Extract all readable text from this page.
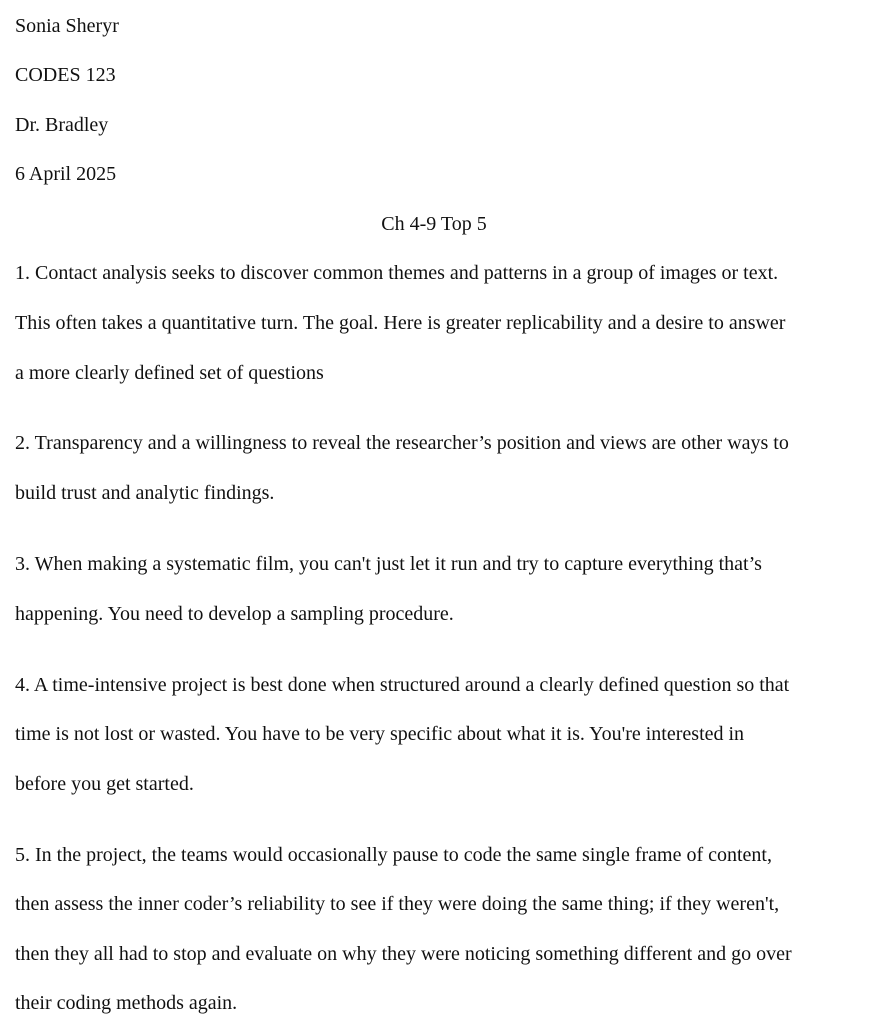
Sonia Sheryr
CODES 123
Dr. Bradley
6 April 2025
Ch 4-9 Top 5
1. Contact analysis seeks to discover common themes and patterns in a group of images or text.
This often takes a quantitative turn. The goal. Here is greater replicability and a desire to answer
a more clearly defined set of questions
2. Transparency and a willingness to reveal the researcher’s position and views are other ways to
build trust and analytic findings.
3. When making a systematic film, you can't just let it run and try to capture everything that’s
happening. You need to develop a sampling procedure.
4. A time-intensive project is best done when structured around a clearly defined question so that
time is not lost or wasted. You have to be very specific about what it is. You're interested in
before you get started.
5. In the project, the teams would occasionally pause to code the same single frame of content,
then assess the inner coder’s reliability to see if they were doing the same thing; if they weren't,
then they all had to stop and evaluate on why they were noticing something different and go over
their coding methods again.
